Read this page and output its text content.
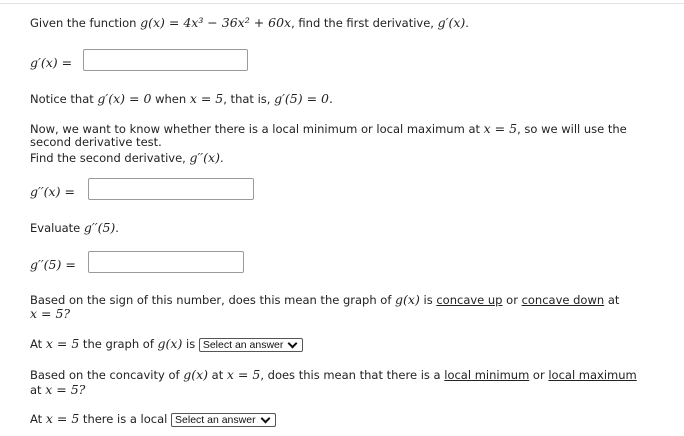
Given the function g(x) = 4x³ − 36x² + 60x, find the first derivative, g′(x).
g′(x) =
Notice that g′(x) = 0 when x = 5, that is, g′(5) = 0.
Now, we want to know whether there is a local minimum or local maximum at x = 5, so we will use the
second derivative test.
Find the second derivative, g′′(x).
g′′(x) =
Evaluate g′′(5).
g′′(5) =
Based on the sign of this number, does this mean the graph of g(x) is concave up or concave down at
x = 5?
At x = 5 the graph of g(x) is Select an answer
Based on the concavity of g(x) at x = 5, does this mean that there is a local minimum or local maximum
at x = 5?
At x = 5 there is a local Select an answer
